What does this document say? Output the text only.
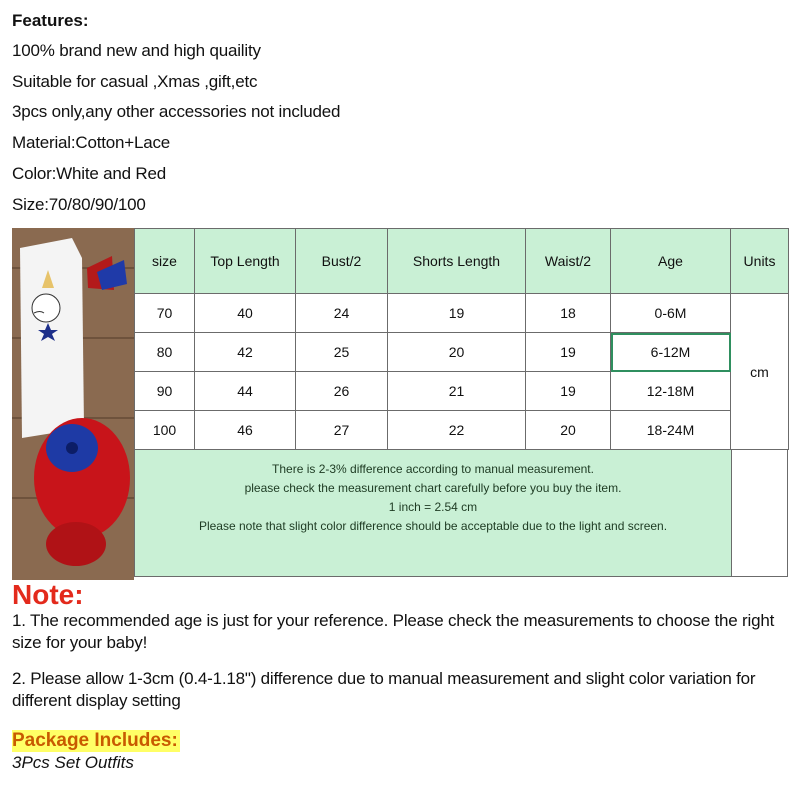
Features:
100% brand new and high quaility
Suitable for casual ,Xmas ,gift,etc
3pcs only,any other accessories not included
Material:Cotton+Lace
Color:White and Red
Size:70/80/90/100
size	Top Length	Bust/2	Shorts Length	Waist/2	Age	Units
70	40	24	19	18	0-6M	cm
80	42	25	20	19	6-12M	
90	44	26	21	19	12-18M	
100	46	27	22	20	18-24M	
There is 2-3% difference according to manual measurement.
please check the measurement chart carefully before you buy the item.
1 inch = 2.54 cm
Please note that slight color difference should be acceptable due to the light and screen.
Note:
1. The recommended age is just for your reference. Please check the measurements to choose the right size for your baby!
2. Please allow 1-3cm (0.4-1.18") difference due to manual measurement and slight color variation for different display setting
Package Includes:
3Pcs Set Outfits
